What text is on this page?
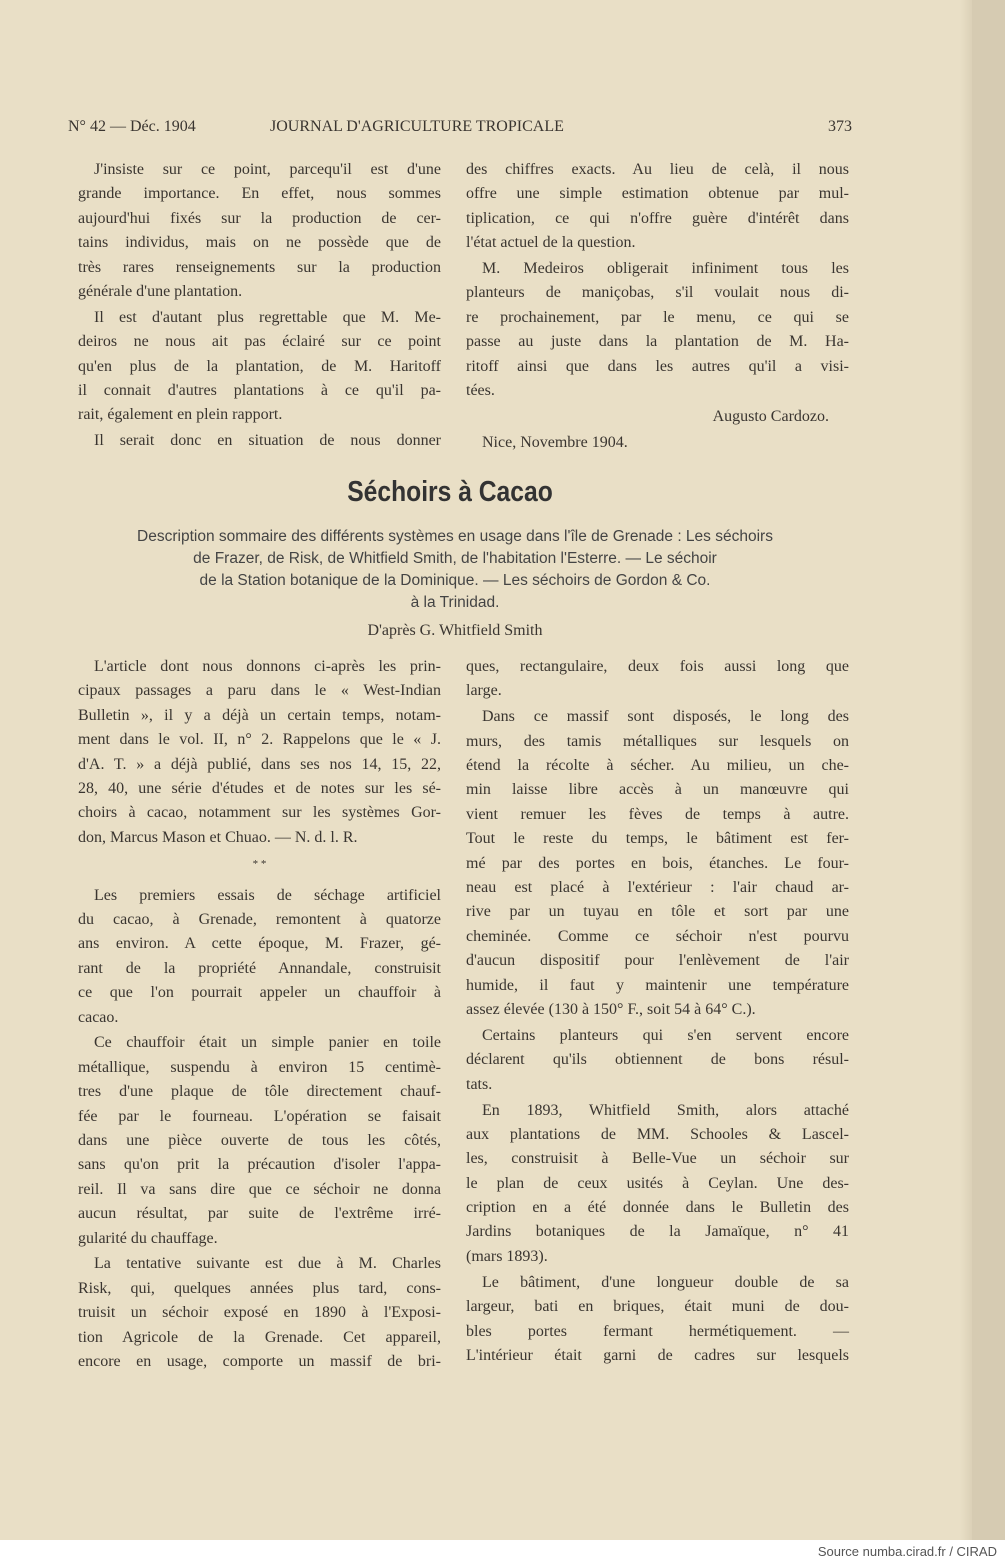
N° 42 — Déc. 1904	JOURNAL D'AGRICULTURE TROPICALE	373
J'insiste sur ce point, parcequ'il est d'une
grande importance. En effet, nous sommes
aujourd'hui fixés sur la production de cer-
tains individus, mais on ne possède que de
très rares renseignements sur la production
générale d'une plantation.
Il est d'autant plus regrettable que M. Me-
deiros ne nous ait pas éclairé sur ce point
qu'en plus de la plantation, de M. Haritoff
il connait d'autres plantations à ce qu'il pa-
rait, également en plein rapport.
Il serait donc en situation de nous donner
des chiffres exacts. Au lieu de celà, il nous
offre une simple estimation obtenue par mul-
tiplication, ce qui n'offre guère d'intérêt dans
l'état actuel de la question.
M. Medeiros obligerait infiniment tous les
planteurs de maniçobas, s'il voulait nous di-
re prochainement, par le menu, ce qui se
passe au juste dans la plantation de M. Ha-
ritoff ainsi que dans les autres qu'il a visi-
tées.
Augusto Cardozo.
Nice, Novembre 1904.
Séchoirs à Cacao
Description sommaire des différents systèmes en usage dans l'île de Grenade : Les séchoirs
de Frazer, de Risk, de Whitfield Smith, de l'habitation l'Esterre. — Le séchoir
de la Station botanique de la Dominique. — Les séchoirs de Gordon & Co.
à la Trinidad.
D'après G. Whitfield Smith
L'article dont nous donnons ci-après les prin-
cipaux passages a paru dans le « West-Indian
Bulletin », il y a déjà un certain temps, notam-
ment dans le vol. II, n° 2. Rappelons que le « J.
d'A. T. » a déjà publié, dans ses nos 14, 15, 22,
28, 40, une série d'études et de notes sur les sé-
choirs à cacao, notamment sur les systèmes Gor-
don, Marcus Mason et Chuao. — N. d. l. R.
* *
Les premiers essais de séchage artificiel
du cacao, à Grenade, remontent à quatorze
ans environ. A cette époque, M. Frazer, gé-
rant de la propriété Annandale, construisit
ce que l'on pourrait appeler un chauffoir à
cacao.
Ce chauffoir était un simple panier en toile
métallique, suspendu à environ 15 centimè-
tres d'une plaque de tôle directement chauf-
fée par le fourneau. L'opération se faisait
dans une pièce ouverte de tous les côtés,
sans qu'on prit la précaution d'isoler l'appa-
reil. Il va sans dire que ce séchoir ne donna
aucun résultat, par suite de l'extrême irré-
gularité du chauffage.
La tentative suivante est due à M. Charles
Risk, qui, quelques années plus tard, cons-
truisit un séchoir exposé en 1890 à l'Exposi-
tion Agricole de la Grenade. Cet appareil,
encore en usage, comporte un massif de bri-
ques, rectangulaire, deux fois aussi long que
large.
Dans ce massif sont disposés, le long des
murs, des tamis métalliques sur lesquels on
étend la récolte à sécher. Au milieu, un che-
min laisse libre accès à un manœuvre qui
vient remuer les fèves de temps à autre.
Tout le reste du temps, le bâtiment est fer-
mé par des portes en bois, étanches. Le four-
neau est placé à l'extérieur : l'air chaud ar-
rive par un tuyau en tôle et sort par une
cheminée. Comme ce séchoir n'est pourvu
d'aucun dispositif pour l'enlèvement de l'air
humide, il faut y maintenir une température
assez élevée (130 à 150° F., soit 54 à 64° C.).
Certains planteurs qui s'en servent encore
déclarent qu'ils obtiennent de bons résul-
tats.
En 1893, Whitfield Smith, alors attaché
aux plantations de MM. Schooles & Lascel-
les, construisit à Belle-Vue un séchoir sur
le plan de ceux usités à Ceylan. Une des-
cription en a été donnée dans le Bulletin des
Jardins botaniques de la Jamaïque, n° 41
(mars 1893).
Le bâtiment, d'une longueur double de sa
largeur, bati en briques, était muni de dou-
bles portes fermant hermétiquement. —
L'intérieur était garni de cadres sur lesquels
Source numba.cirad.fr / CIRAD
